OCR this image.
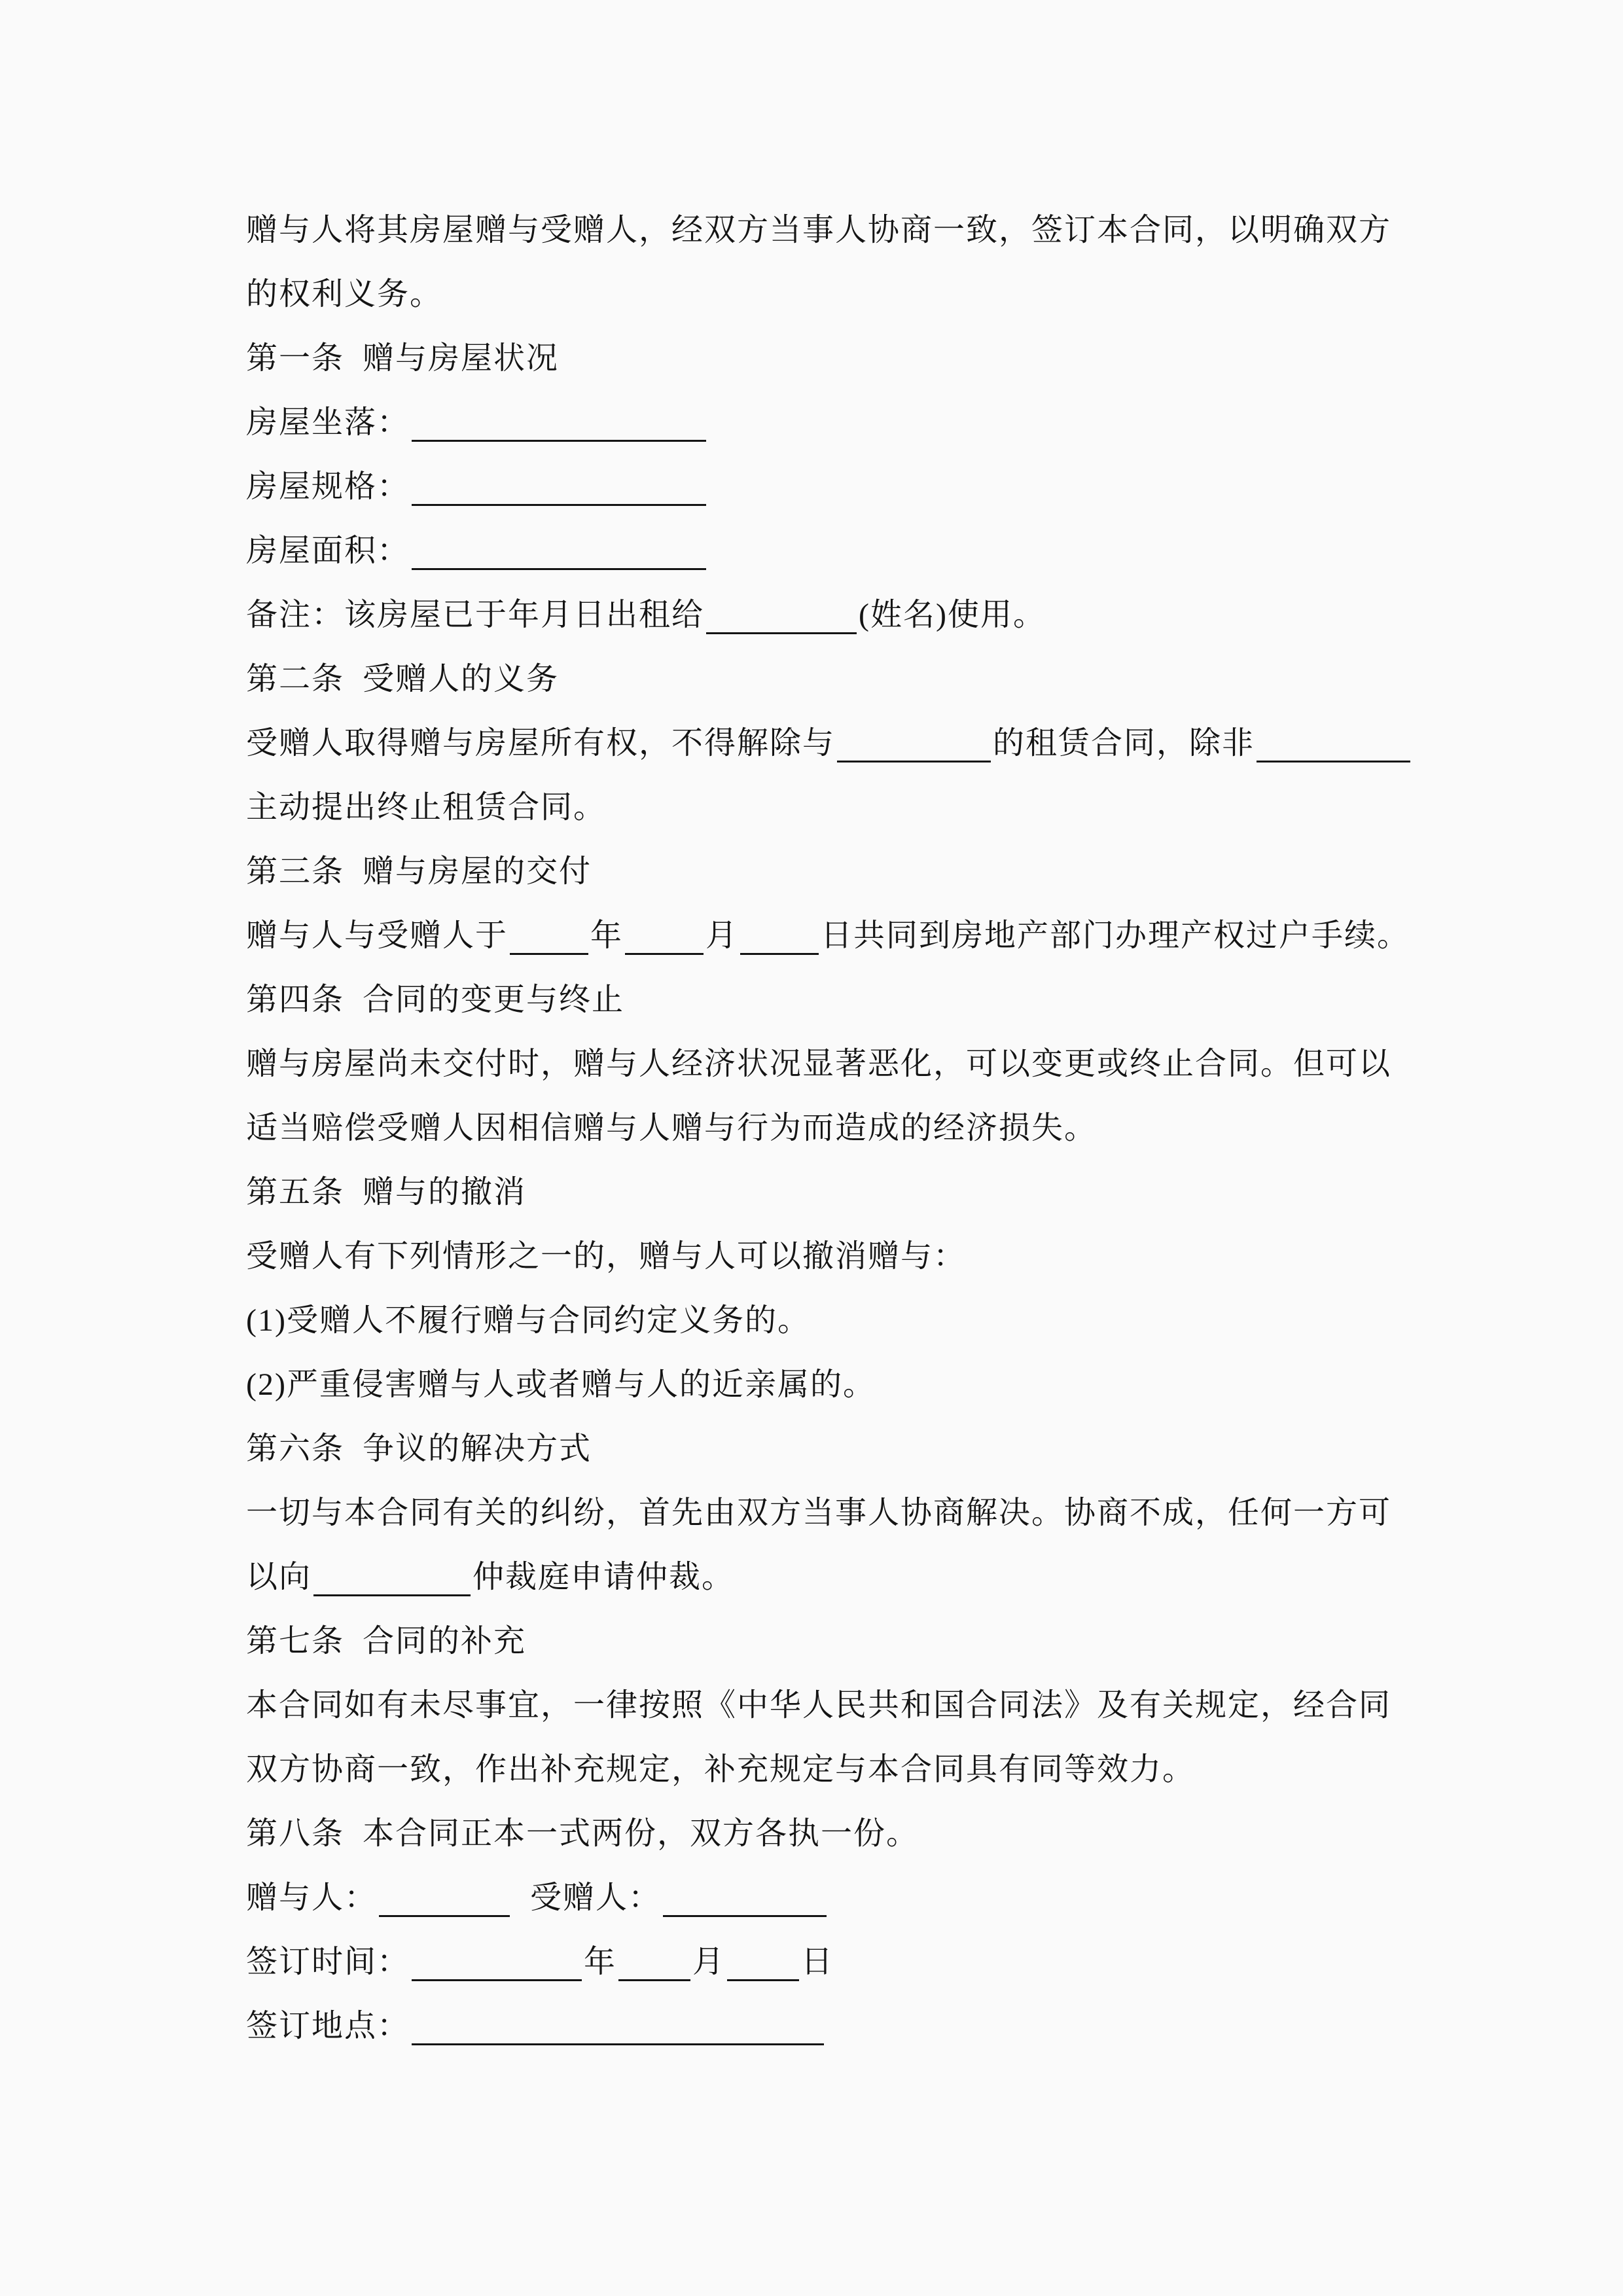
赠与人将其房屋赠与受赠人，经双方当事人协商一致，签订本合同，以明确双方
的权利义务。
第一条  赠与房屋状况
房屋坐落：
房屋规格：
房屋面积：
备注：该房屋已于年月日出租给	(姓名)使用。
第二条  受赠人的义务
受赠人取得赠与房屋所有权，不得解除与	的租赁合同，除非
主动提出终止租赁合同。
第三条  赠与房屋的交付
赠与人与受赠人于	年	月	日共同到房地产部门办理产权过户手续。
第四条  合同的变更与终止
赠与房屋尚未交付时，赠与人经济状况显著恶化，可以变更或终止合同。但可以
适当赔偿受赠人因相信赠与人赠与行为而造成的经济损失。
第五条  赠与的撤消
受赠人有下列情形之一的，赠与人可以撤消赠与：
(1)受赠人不履行赠与合同约定义务的。
(2)严重侵害赠与人或者赠与人的近亲属的。
第六条  争议的解决方式
一切与本合同有关的纠纷，首先由双方当事人协商解决。协商不成，任何一方可
以向	仲裁庭申请仲裁。
第七条  合同的补充
本合同如有未尽事宜，一律按照《中华人民共和国合同法》及有关规定，经合同
双方协商一致，作出补充规定，补充规定与本合同具有同等效力。
第八条  本合同正本一式两份，双方各执一份。
赠与人：	受赠人：
签订时间：	年 月 日
签订地点：
